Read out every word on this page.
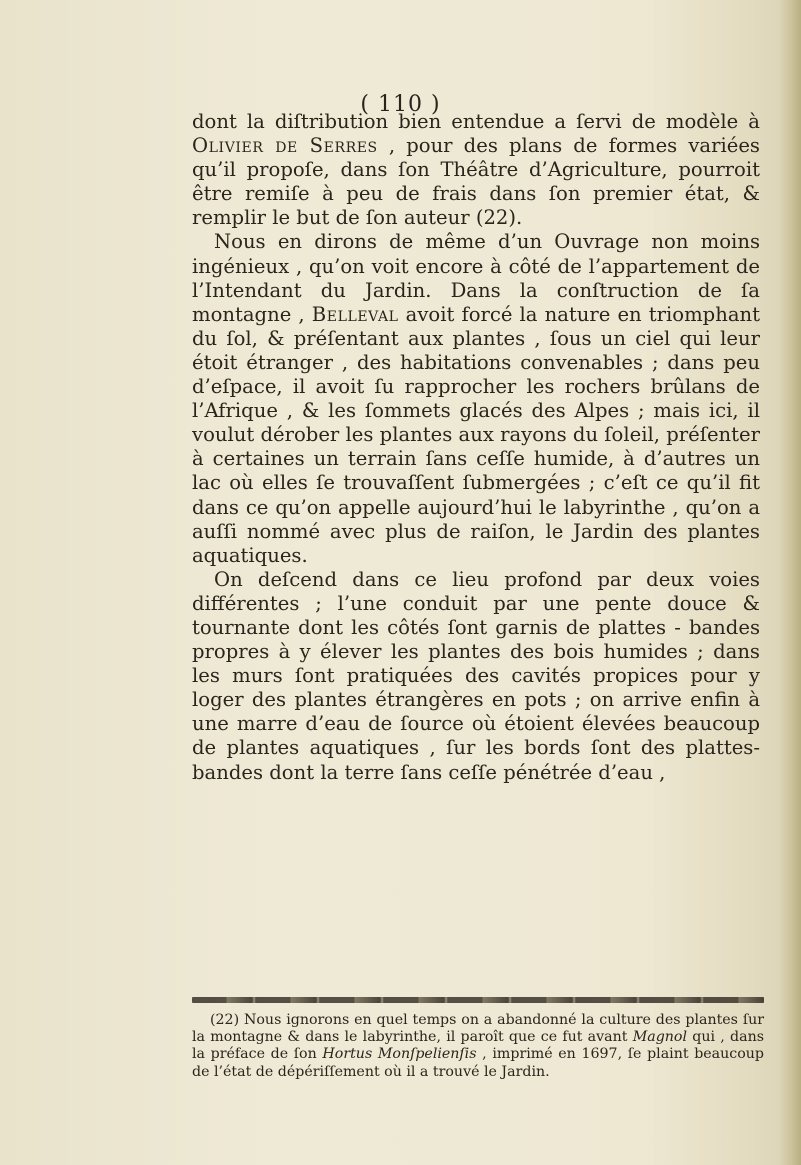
( 110 )

dont la diſtribution bien entendue a ſervi de modèle à Olivier de Serres , pour des plans de formes variées qu’il propoſe, dans ſon Théâtre d’Agriculture, pourroit être remiſe à peu de frais dans ſon premier état, & remplir le but de ſon auteur (22).

Nous en dirons de même d’un Ouvrage non moins ingénieux , qu’on voit encore à côté de l’appartement de l’Intendant du Jardin. Dans la conſtruction de ſa montagne , Belleval avoit forcé la nature en triomphant du ſol, & préſentant aux plantes , ſous un ciel qui leur étoit étranger , des habitations convenables ; dans peu d’eſpace, il avoit ſu rapprocher les rochers brûlans de l’Afrique , & les ſommets glacés des Alpes ; mais ici, il voulut dérober les plantes aux rayons du ſoleil, préſenter à certaines un terrain ſans ceſſe humide, à d’autres un lac où elles ſe trouvaſſent ſubmergées ; c’eſt ce qu’il fit dans ce qu’on appelle aujourd’hui le labyrinthe , qu’on a auſſi nommé avec plus de raiſon, le Jardin des plantes aquatiques.

On deſcend dans ce lieu profond par deux voies différentes ; l’une conduit par une pente douce & tournante dont les côtés ſont garnis de plattes - bandes propres à y élever les plantes des bois humides ; dans les murs ſont pratiquées des cavités propices pour y loger des plantes étrangères en pots ; on arrive enfin à une marre d’eau de ſource où étoient élevées beaucoup de plantes aquatiques , ſur les bords ſont des plattes-bandes dont la terre ſans ceſſe pénétrée d’eau ,

(22) Nous ignorons en quel temps on a abandonné la culture des plantes ſur la montagne & dans le labyrinthe, il paroît que ce fut avant Magnol qui , dans la préface de ſon Hortus Monſpelienſis , imprimé en 1697, ſe plaint beaucoup de l’état de dépériſſement où il a trouvé le Jardin.
